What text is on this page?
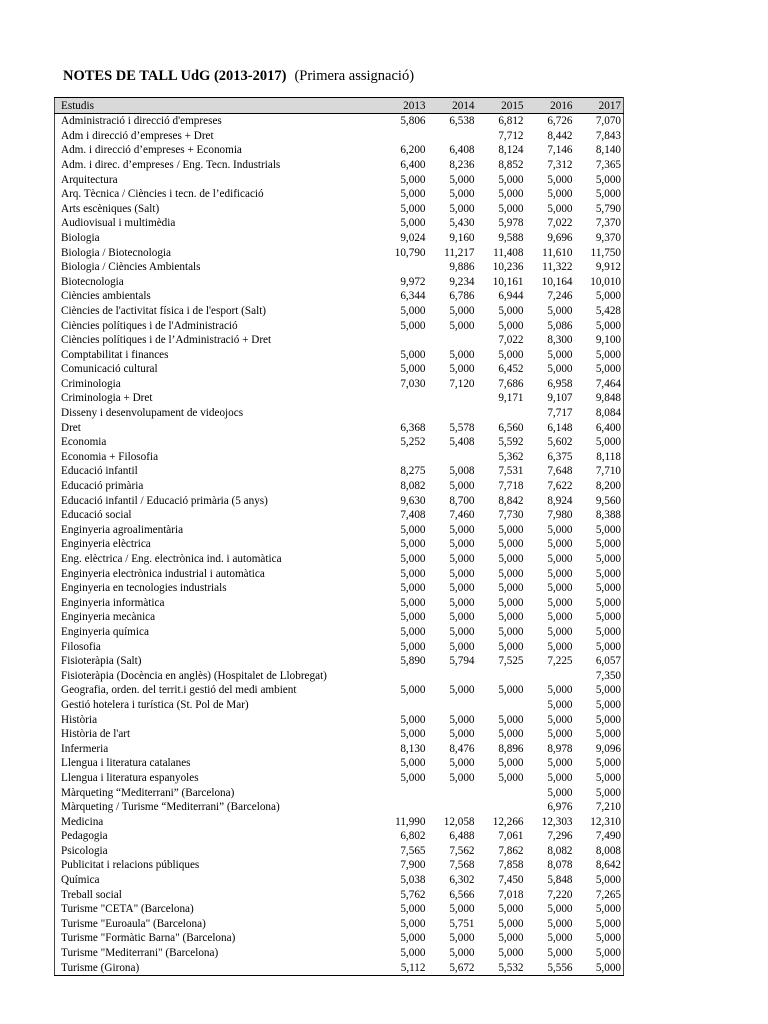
NOTES DE TALL UdG (2013-2017) (Primera assignació)
Estudis	2013	2014	2015	2016	2017
Administració i direcció d'empreses	5,806	6,538	6,812	6,726	7,070
Adm i direcció d’empreses + Dret			7,712	8,442	7,843
Adm. i direcció d’empreses + Economia	6,200	6,408	8,124	7,146	8,140
Adm. i direc. d’empreses / Eng. Tecn. Industrials	6,400	8,236	8,852	7,312	7,365
Arquitectura	5,000	5,000	5,000	5,000	5,000
Arq. Tècnica / Ciències i tecn. de l’edificació	5,000	5,000	5,000	5,000	5,000
Arts escèniques (Salt)	5,000	5,000	5,000	5,000	5,790
Audiovisual i multimèdia	5,000	5,430	5,978	7,022	7,370
Biologia	9,024	9,160	9,588	9,696	9,370
Biologia / Biotecnologia	10,790	11,217	11,408	11,610	11,750
Biologia / Ciències Ambientals		9,886	10,236	11,322	9,912
Biotecnologia	9,972	9,234	10,161	10,164	10,010
Ciències ambientals	6,344	6,786	6,944	7,246	5,000
Ciències de l'activitat física i de l'esport (Salt)	5,000	5,000	5,000	5,000	5,428
Ciències polítiques i de l'Administració	5,000	5,000	5,000	5,086	5,000
Ciències polítiques i de l’Administració + Dret			7,022	8,300	9,100
Comptabilitat i finances	5,000	5,000	5,000	5,000	5,000
Comunicació cultural	5,000	5,000	6,452	5,000	5,000
Criminologia	7,030	7,120	7,686	6,958	7,464
Criminologia + Dret			9,171	9,107	9,848
Disseny i desenvolupament de videojocs				7,717	8,084
Dret	6,368	5,578	6,560	6,148	6,400
Economia	5,252	5,408	5,592	5,602	5,000
Economia + Filosofia			5,362	6,375	8,118
Educació infantil	8,275	5,008	7,531	7,648	7,710
Educació primària	8,082	5,000	7,718	7,622	8,200
Educació infantil / Educació primària (5 anys)	9,630	8,700	8,842	8,924	9,560
Educació social	7,408	7,460	7,730	7,980	8,388
Enginyeria agroalimentària	5,000	5,000	5,000	5,000	5,000
Enginyeria elèctrica	5,000	5,000	5,000	5,000	5,000
Eng. elèctrica / Eng. electrònica ind. i automàtica	5,000	5,000	5,000	5,000	5,000
Enginyeria electrònica industrial i automàtica	5,000	5,000	5,000	5,000	5,000
Enginyeria en tecnologies industrials	5,000	5,000	5,000	5,000	5,000
Enginyeria informàtica	5,000	5,000	5,000	5,000	5,000
Enginyeria mecànica	5,000	5,000	5,000	5,000	5,000
Enginyeria química	5,000	5,000	5,000	5,000	5,000
Filosofia	5,000	5,000	5,000	5,000	5,000
Fisioteràpia (Salt)	5,890	5,794	7,525	7,225	6,057
Fisioteràpia (Docència en anglès) (Hospitalet de Llobregat)					7,350
Geografia, orden. del territ.i gestió del medi ambient	5,000	5,000	5,000	5,000	5,000
Gestió hotelera i turística (St. Pol de Mar)				5,000	5,000
Història	5,000	5,000	5,000	5,000	5,000
Història de l'art	5,000	5,000	5,000	5,000	5,000
Infermeria	8,130	8,476	8,896	8,978	9,096
Llengua i literatura catalanes	5,000	5,000	5,000	5,000	5,000
Llengua i literatura espanyoles	5,000	5,000	5,000	5,000	5,000
Màrqueting “Mediterrani” (Barcelona)				5,000	5,000
Màrqueting / Turisme “Mediterrani” (Barcelona)				6,976	7,210
Medicina	11,990	12,058	12,266	12,303	12,310
Pedagogia	6,802	6,488	7,061	7,296	7,490
Psicologia	7,565	7,562	7,862	8,082	8,008
Publicitat i relacions públiques	7,900	7,568	7,858	8,078	8,642
Química	5,038	6,302	7,450	5,848	5,000
Treball social	5,762	6,566	7,018	7,220	7,265
Turisme "CETA" (Barcelona)	5,000	5,000	5,000	5,000	5,000
Turisme "Euroaula" (Barcelona)	5,000	5,751	5,000	5,000	5,000
Turisme "Formàtic Barna" (Barcelona)	5,000	5,000	5,000	5,000	5,000
Turisme "Mediterrani" (Barcelona)	5,000	5,000	5,000	5,000	5,000
Turisme (Girona)	5,112	5,672	5,532	5,556	5,000
